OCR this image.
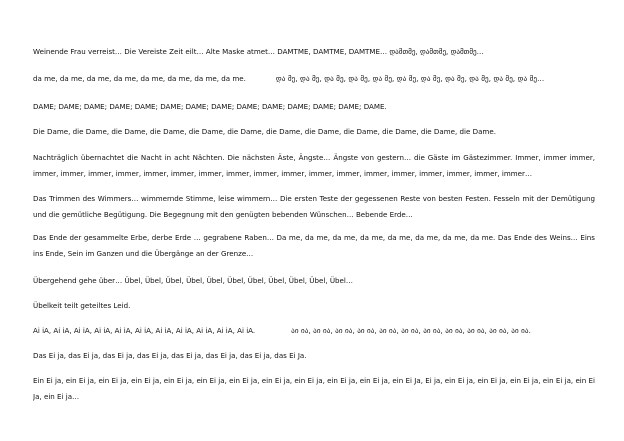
Weinende Frau verreist… Die Vereiste Zeit eilt… Alte Maske atmet… DAMTME, DAMTME, DAMTME… დამთმე, დამთმე, დამთმე…
da me, da me, da me, da me, da me, da me, da me, da me.	და მე, და მე, და მე, და მე, და მე, და მე, და მე, და მე, და მე, და მე, და მე…
DAME; DAME; DAME; DAME; DAME; DAME; DAME; DAME; DAME; DAME; DAME; DAME; DAME; DAME.
Die Dame, die Dame, die Dame, die Dame, die Dame, die Dame, die Dame, die Dame, die Dame, die Dame, die Dame, die Dame.
Nachträglich übernachtet die Nacht in acht Nächten. Die nächsten Äste, Ängste… Ängste von gestern… die Gäste im Gästezimmer. Immer, immer immer, immer, immer, immer, immer, immer, immer, immer, immer, immer, immer, immer, immer, immer, immer, immer, immer, immer, immer…
Das Trimmen des Wimmers… wimmernde Stimme, leise wimmern… Die ersten Teste der gegessenen Reste von besten Festen. Fesseln mit der Demütigung und die gemütliche Begütigung. Die Begegnung mit den genügten bebenden Wünschen… Bebende Erde…
Das Ende der gesammelte Erbe, derbe Erde … gegrabene Raben… Da me, da me, da me, da me, da me, da me, da me, da me. Das Ende des Weins… Eins ins Ende, Sein im Ganzen und die Übergänge an der Grenze…
Übergehend gehe über… Übel, Übel, Übel, Übel, Übel, Übel, Übel, Übel, Übel, Übel, Übel…
Übelkeit teilt geteiltes Leid.
Ai iA, Ai iA, Ai iA, Ai iA, Ai iA, Ai iA, Ai iA, Ai iA, Ai iA, Ai iA, Ai iA.	აი ია, აი ია, აი ია, აი ია, აი ია, აი ია, აი ია, აი ია, აი ია, აი ია, აი ია.
Das Ei ja, das Ei ja, das Ei ja, das Ei ja, das Ei ja, das Ei ja, das Ei ja, das Ei Ja.
Ein Ei ja, ein Ei ja, ein Ei ja, ein Ei ja, ein Ei ja, ein Ei ja, ein Ei ja, ein Ei ja, ein Ei ja, ein Ei ja, ein Ei ja, ein Ei Ja, Ei ja, ein Ei ja, ein Ei ja, ein Ei ja, ein Ei ja, ein Ei Ja, ein Ei ja…
